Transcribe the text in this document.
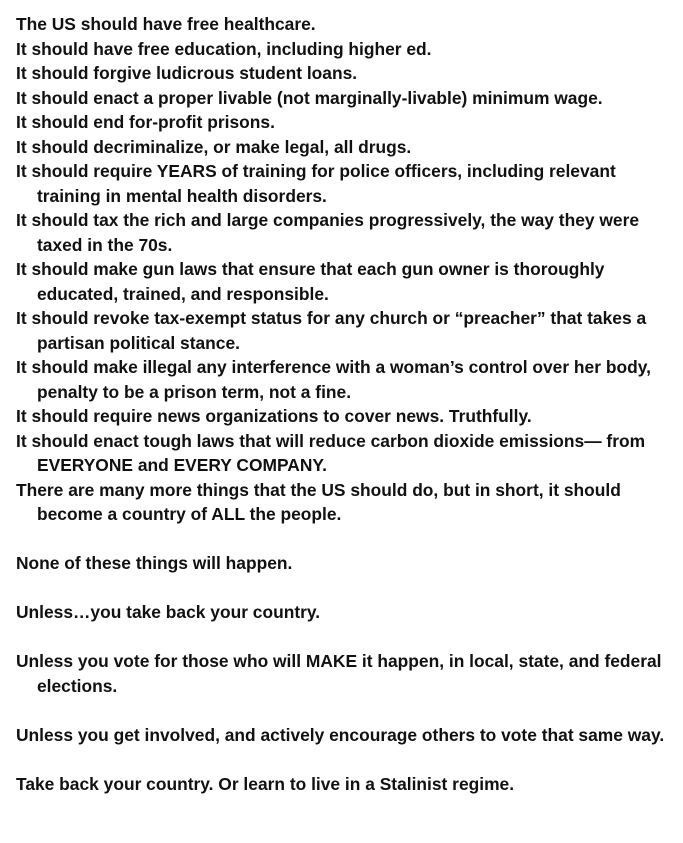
The US should have free healthcare.

It should have free education, including higher ed.

It should forgive ludicrous student loans.

It should enact a proper livable (not marginally-livable) minimum wage.

It should end for-profit prisons.

It should decriminalize, or make legal, all drugs.

It should require YEARS of training for police officers, including relevant training in mental health disorders.

It should tax the rich and large companies progressively, the way they were taxed in the 70s.

It should make gun laws that ensure that each gun owner is thoroughly educated, trained, and responsible.

It should revoke tax-exempt status for any church or “preacher” that takes a partisan political stance.

It should make illegal any interference with a woman’s control over her body, penalty to be a prison term, not a fine.

It should require news organizations to cover news. Truthfully.

It should enact tough laws that will reduce carbon dioxide emissions— from EVERYONE and EVERY COMPANY.

There are many more things that the US should do, but in short, it should become a country of ALL the people.

None of these things will happen.

Unless…you take back your country.

Unless you vote for those who will MAKE it happen, in local, state, and federal elections.

Unless you get involved, and actively encourage others to vote that same way.

Take back your country. Or learn to live in a Stalinist regime.
